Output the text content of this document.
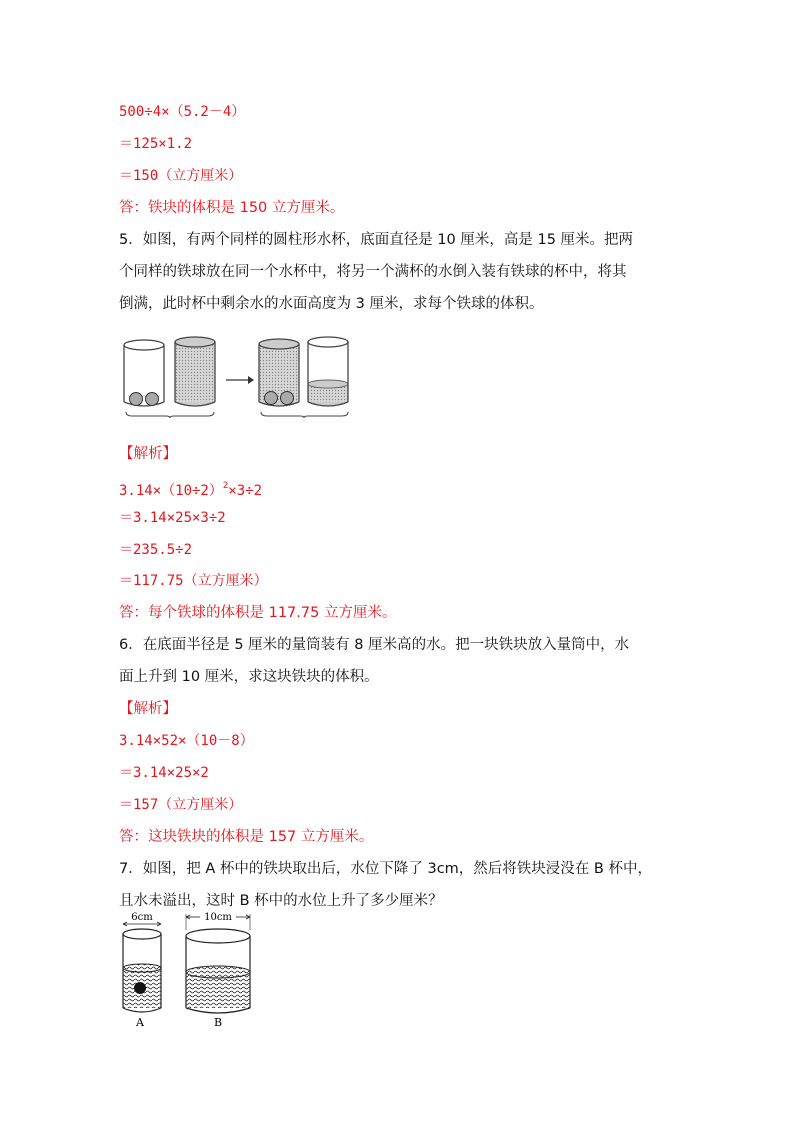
500÷4×（5.2－4）
＝125×1.2
＝150（立方厘米）
答：铁块的体积是 150 立方厘米。
5．如图，有两个同样的圆柱形水杯，底面直径是 10 厘米，高是 15 厘米。把两
个同样的铁球放在同一个水杯中，将另一个满杯的水倒入装有铁球的杯中，将其
倒满，此时杯中剩余水的水面高度为 3 厘米，求每个铁球的体积。
【解析】
$3.14\times(10\div 2)^2\times 3\div 2$
＝3.14×25×3÷2
＝235.5÷2
＝117.75（立方厘米）
答：每个铁球的体积是 117.75 立方厘米。
6．在底面半径是 5 厘米的量筒装有 8 厘米高的水。把一块铁块放入量筒中，水
面上升到 10 厘米，求这块铁块的体积。
【解析】
3.14×52×（10－8）
＝3.14×25×2
＝157（立方厘米）
答：这块铁块的体积是 157 立方厘米。
7．如图，把 A 杯中的铁块取出后，水位下降了 3cm，然后将铁块浸没在 B 杯中，
且水未溢出，这时 B 杯中的水位上升了多少厘米？
6cm
A
10cm
B
